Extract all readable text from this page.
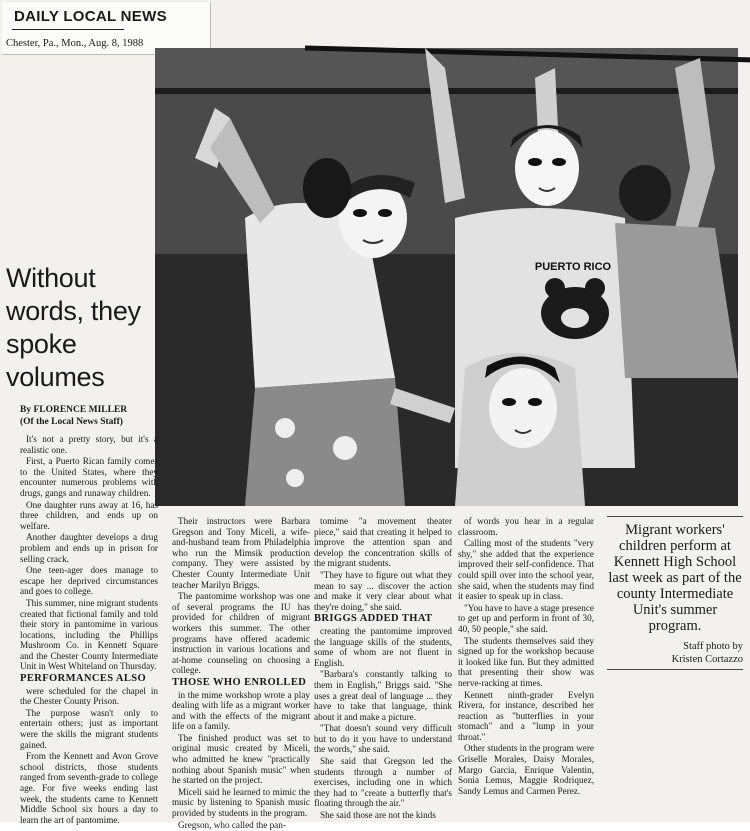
DAILY LOCAL NEWS
Chester, Pa., Mon., Aug. 8, 1988
PUERTO RICO
Without
words, they
spoke
volumes
By FLORENCE MILLER
(Of the Local News Staff)

It's not a pretty story, but it's a realistic one.

First, a Puerto Rican family comes to the United States, where they encounter numerous problems with drugs, gangs and runaway children.

One daughter runs away at 16, has three children, and ends up on welfare.

Another daughter develops a drug problem and ends up in prison for selling crack.

One teen-ager does manage to escape her deprived circumstances and goes to college.

This summer, nine migrant students created that fictional family and told their story in pantomime in various locations, including the Phillips Mushroom Co. in Kennett Square and the Chester County Intermediate Unit in West Whiteland on Thursday.

PERFORMANCES ALSO

were scheduled for the chapel in the Chester County Prison.

The purpose wasn't only to entertain others; just as important were the skills the migrant students gained.

From the Kennett and Avon Grove school districts, those students ranged from seventh-grade to college age. For five weeks ending last week, the students came to Kennett Middle School six hours a day to learn the art of pantomime.

Their instructors were Barbara Gregson and Tony Miceli, a wife-and-husband team from Philadelphia who run the Mimsik production company. They were assisted by Chester County Intermediate Unit teacher Marilyn Briggs.

The pantomime workshop was one of several programs the IU has provided for children of migrant workers this summer. The other programs have offered academic instruction in various locations and at-home counseling on choosing a college.

THOSE WHO ENROLLED

in the mime workshop wrote a play dealing with life as a migrant worker and with the effects of the migrant life on a family.

The finished product was set to original music created by Miceli, who admitted he knew "practically nothing about Spanish music" when he started on the project.

Miceli said he learned to mimic the music by listening to Spanish music provided by students in the program.

Gregson, who called the pan-

tomime "a movement theater piece," said that creating it helped to improve the attention span and develop the concentration skills of the migrant students.

"They have to figure out what they mean to say ... discover the action and make it very clear about what they're doing," she said.

BRIGGS ADDED THAT

creating the pantomime improved the language skills of the students, some of whom are not fluent in English.

"Barbara's constantly talking to them in English," Briggs said. "She uses a great deal of language ... they have to take that language, think about it and make a picture.

"That doesn't sound very difficult but to do it you have to understand the words," she said.

She said that Gregson led the students through a number of exercises, including one in which they had to "create a butterfly that's floating through the air."

She said those are not the kinds

of words you hear in a regular classroom.

Calling most of the students "very shy," she added that the experience improved their self-confidence. That could spill over into the school year, she said, when the students may find it easier to speak up in class.

"You have to have a stage presence to get up and perform in front of 30, 40, 50 people," she said.

The students themselves said they signed up for the workshop because it looked like fun. But they admitted that presenting their show was nerve-racking at times.

Kennett ninth-grader Evelyn Rivera, for instance, described her reaction as "butterflies in your stomach" and a "lump in your throat."

Other students in the program were Griselle Morales, Daisy Morales, Margo Garcia, Enrique Valentin, Sonia Lemus, Maggie Rodriquez, Sandy Lemus and Carmen Perez.

Migrant workers' children perform at Kennett High School last week as part of the county Intermediate Unit's summer program.
Staff photo by
Kristen Cortazzo
